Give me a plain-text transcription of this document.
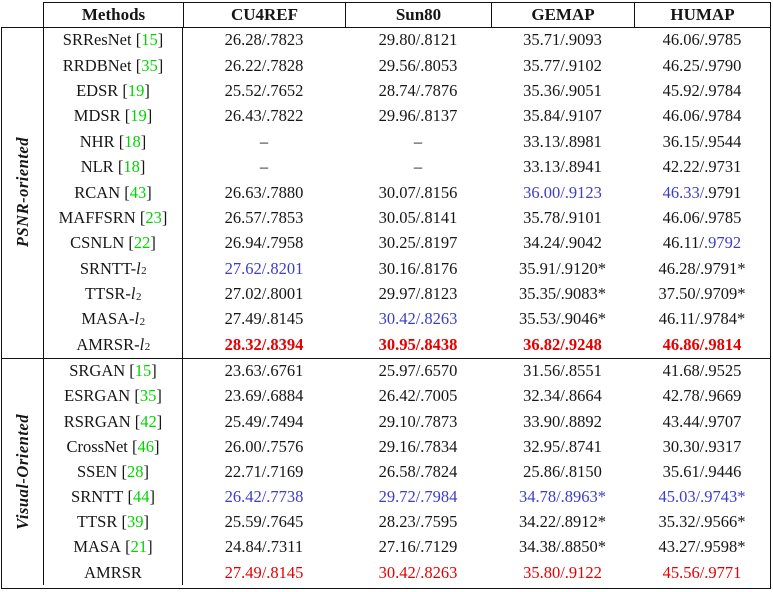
Methods	CU4REF	Sun80	GEMAP	HUMAP
PSNR-oriented
SRResNet [ 15 ]	26.28/.7823	29.80/.8121	35.71/.9093	46.06/.9785
RRDBNet [ 35 ]	26.22/.7828	29.56/.8053	35.77/.9102	46.25/.9790
EDSR [ 19 ]	25.52/.7652	28.74/.7876	35.36/.9051	45.92/.9784
MDSR [ 19 ]	26.43/.7822	29.96/.8137	35.84/.9107	46.06/.9784
NHR [ 18 ]	–	–	33.13/.8981	36.15/.9544
NLR [ 18 ]	–	–	33.13/.8941	42.22/.9731
RCAN [ 43 ]	26.63/.7880	30.07/.8156	36.00/.9123	46.33/ .9791
MAFFSRN [ 23 ]	26.57/.7853	30.05/.8141	35.78/.9101	46.06/.9785
CSNLN [ 22 ]	26.94/.7958	30.25/.8197	34.24/.9042	46.11/ .9792
SRNTT- $l_2$	27.62/.8201	30.16/.8176	35.91/.9120*	46.28/.9791*
TTSR- $l_2$	27.02/.8001	29.97/.8123	35.35/.9083*	37.50/.9709*
MASA- $l_2$	27.49/.8145	30.42/.8263	35.53/.9046*	46.11/.9784*
AMRSR- $l_2$	28.32/.8394	30.95/.8438	36.82/.9248	46.86/.9814
Visual-Oriented
SRGAN [ 15 ]	23.63/.6761	25.97/.6570	31.56/.8551	41.68/.9525
ESRGAN [ 35 ]	23.69/.6884	26.42/.7005	32.34/.8664	42.78/.9669
RSRGAN [ 42 ]	25.49/.7494	29.10/.7873	33.90/.8892	43.44/.9707
CrossNet [ 46 ]	26.00/.7576	29.16/.7834	32.95/.8741	30.30/.9317
SSEN [ 28 ]	22.71/.7169	26.58/.7824	25.86/.8150	35.61/.9446
SRNTT [ 44 ]	26.42/.7738	29.72/.7984	34.78/.8963*	45.03/.9743*
TTSR [ 39 ]	25.59/.7645	28.23/.7595	34.22/.8912*	35.32/.9566*
MASA [ 21 ]	24.84/.7311	27.16/.7129	34.38/.8850*	43.27/.9598*
AMRSR	27.49/.8145	30.42/.8263	35.80/.9122	45.56/.9771
